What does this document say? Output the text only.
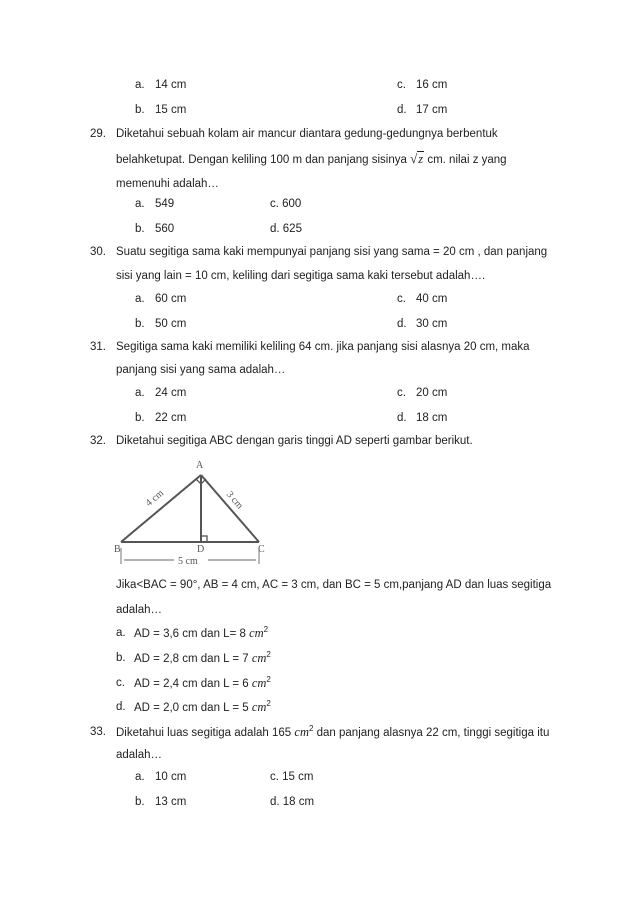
a. 14 cm	c. 16 cm
b. 15 cm	d. 17 cm
29. Diketahui sebuah kolam air mancur diantara gedung-gedungnya berbentuk
belahketupat. Dengan keliling 100 m dan panjang sisinya √z cm. nilai z yang
memenuhi adalah…
a. 549	c. 600
b. 560	d. 625
30. Suatu segitiga sama kaki mempunyai panjang sisi yang sama = 20 cm , dan panjang
sisi yang lain = 10 cm, keliling dari segitiga sama kaki tersebut adalah….
a. 60 cm	c. 40 cm
b. 50 cm	d. 30 cm
31. Segitiga sama kaki memiliki keliling 64 cm. jika panjang sisi alasnya 20 cm, maka
panjang sisi yang sama adalah…
a. 24 cm	c. 20 cm
b. 22 cm	d. 18 cm
32. Diketahui segitiga ABC dengan garis tinggi AD seperti gambar berikut.
A
B	C
D
4 cm	3 cm
5 cm
Jika<BAC = 90°, AB = 4 cm, AC = 3 cm, dan BC = 5 cm,panjang AD dan luas segitiga
adalah…
a. AD = 3,6 cm dan L= 8 $cm^2$
b. AD = 2,8 cm dan L = 7 $cm^2$
c. AD = 2,4 cm dan L = 6 $cm^2$
d. AD = 2,0 cm dan L = 5 $cm^2$
33. Diketahui luas segitiga adalah 165 $cm^2$ dan panjang alasnya 22 cm, tinggi segitiga itu
adalah…
a. 10 cm	c. 15 cm
b. 13 cm	d. 18 cm
